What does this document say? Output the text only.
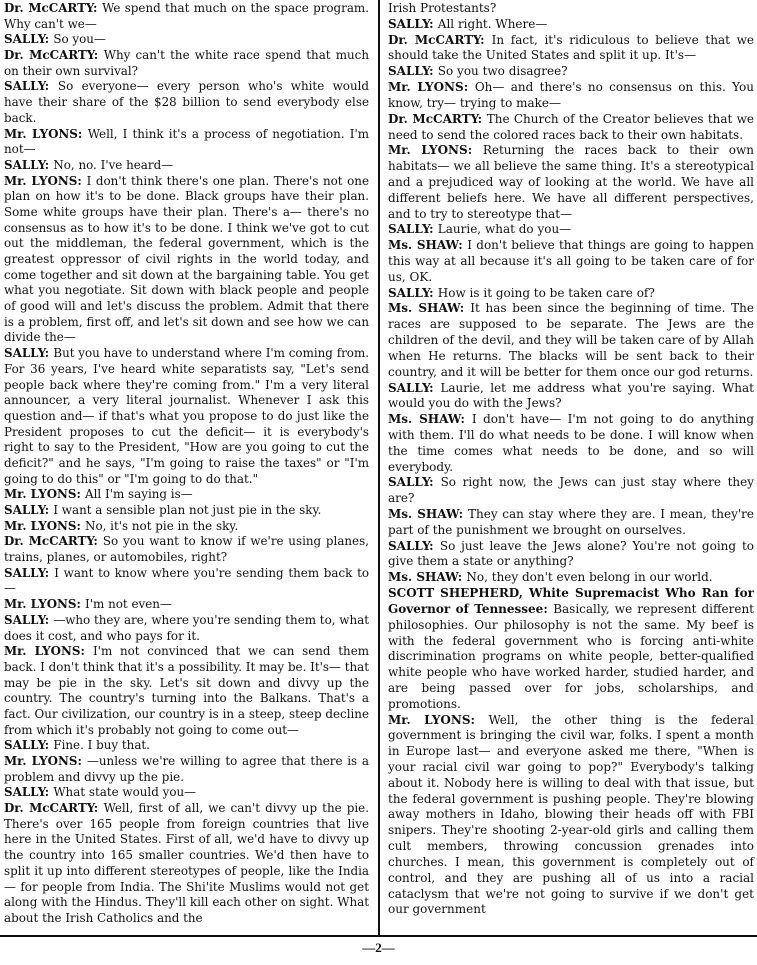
Dr. McCARTY: We spend that much on the space program. Why can't we—

SALLY: So you—

Dr. McCARTY: Why can't the white race spend that much on their own survival?

SALLY: So everyone— every person who's white would have their share of the $28 billion to send everybody else back.

Mr. LYONS: Well, I think it's a process of negotiation. I'm not—

SALLY: No, no. I've heard—

Mr. LYONS: I don't think there's one plan. There's not one plan on how it's to be done. Black groups have their plan. Some white groups have their plan. There's a— there's no consensus as to how it's to be done. I think we've got to cut out the middleman, the federal government, which is the greatest oppressor of civil rights in the world today, and come together and sit down at the bargaining table. You get what you negotiate. Sit down with black people and people of good will and let's discuss the problem. Admit that there is a problem, first off, and let's sit down and see how we can divide the—

SALLY: But you have to understand where I'm coming from. For 36 years, I've heard white separatists say, "Let's send people back where they're coming from." I'm a very literal announcer, a very literal journalist. Whenever I ask this question and— if that's what you propose to do just like the President proposes to cut the deficit— it is everybody's right to say to the President, "How are you going to cut the deficit?" and he says, "I'm going to raise the taxes" or "I'm going to do this" or "I'm going to do that."

Mr. LYONS: All I'm saying is—

SALLY: I want a sensible plan not just pie in the sky.

Mr. LYONS: No, it's not pie in the sky.

Dr. McCARTY: So you want to know if we're using planes, trains, planes, or automobiles, right?

SALLY: I want to know where you're sending them back to—

Mr. LYONS: I'm not even—

SALLY: —who they are, where you're sending them to, what does it cost, and who pays for it.

Mr. LYONS: I'm not convinced that we can send them back. I don't think that it's a possibility. It may be. It's— that may be pie in the sky. Let's sit down and divvy up the country. The country's turning into the Balkans. That's a fact. Our civilization, our country is in a steep, steep decline from which it's probably not going to come out—

SALLY: Fine. I buy that.

Mr. LYONS: —unless we're willing to agree that there is a problem and divvy up the pie.

SALLY: What state would you—

Dr. McCARTY: Well, first of all, we can't divvy up the pie. There's over 165 people from foreign countries that live here in the United States. First of all, we'd have to divvy up the country into 165 smaller countries. We'd then have to split it up into different stereotypes of people, like the India— for people from India. The Shi'ite Muslims would not get along with the Hindus. They'll kill each other on sight. What about the Irish Catholics and the

Irish Protestants?

SALLY: All right. Where—

Dr. McCARTY: In fact, it's ridiculous to believe that we should take the United States and split it up. It's—

SALLY: So you two disagree?

Mr. LYONS: Oh— and there's no consensus on this. You know, try— trying to make—

Dr. McCARTY: The Church of the Creator believes that we need to send the colored races back to their own habitats.

Mr. LYONS: Returning the races back to their own habitats— we all believe the same thing. It's a stereotypical and a prejudiced way of looking at the world. We have all different beliefs here. We have all different perspectives, and to try to stereotype that—

SALLY: Laurie, what do you—

Ms. SHAW: I don't believe that things are going to happen this way at all because it's all going to be taken care of for us, OK.

SALLY: How is it going to be taken care of?

Ms. SHAW: It has been since the beginning of time. The races are supposed to be separate. The Jews are the children of the devil, and they will be taken care of by Allah when He returns. The blacks will be sent back to their country, and it will be better for them once our god returns.

SALLY: Laurie, let me address what you're saying. What would you do with the Jews?

Ms. SHAW: I don't have— I'm not going to do anything with them. I'll do what needs to be done. I will know when the time comes what needs to be done, and so will everybody.

SALLY: So right now, the Jews can just stay where they are?

Ms. SHAW: They can stay where they are. I mean, they're part of the punishment we brought on ourselves.

SALLY: So just leave the Jews alone? You're not going to give them a state or anything?

Ms. SHAW: No, they don't even belong in our world.

SCOTT SHEPHERD, White Supremacist Who Ran for Governor of Tennessee: Basically, we represent different philosophies. Our philosophy is not the same. My beef is with the federal government who is forcing anti-white discrimination programs on white people, better-qualified white people who have worked harder, studied harder, and are being passed over for jobs, scholarships, and promotions.

Mr. LYONS: Well, the other thing is the federal government is bringing the civil war, folks. I spent a month in Europe last— and everyone asked me there, "When is your racial civil war going to pop?" Everybody's talking about it. Nobody here is willing to deal with that issue, but the federal government is pushing people. They're blowing away mothers in Idaho, blowing their heads off with FBI snipers. They're shooting 2-year-old girls and calling them cult members, throwing concussion grenades into churches. I mean, this government is completely out of control, and they are pushing all of us into a racial cataclysm that we're not going to survive if we don't get our government

—2—
